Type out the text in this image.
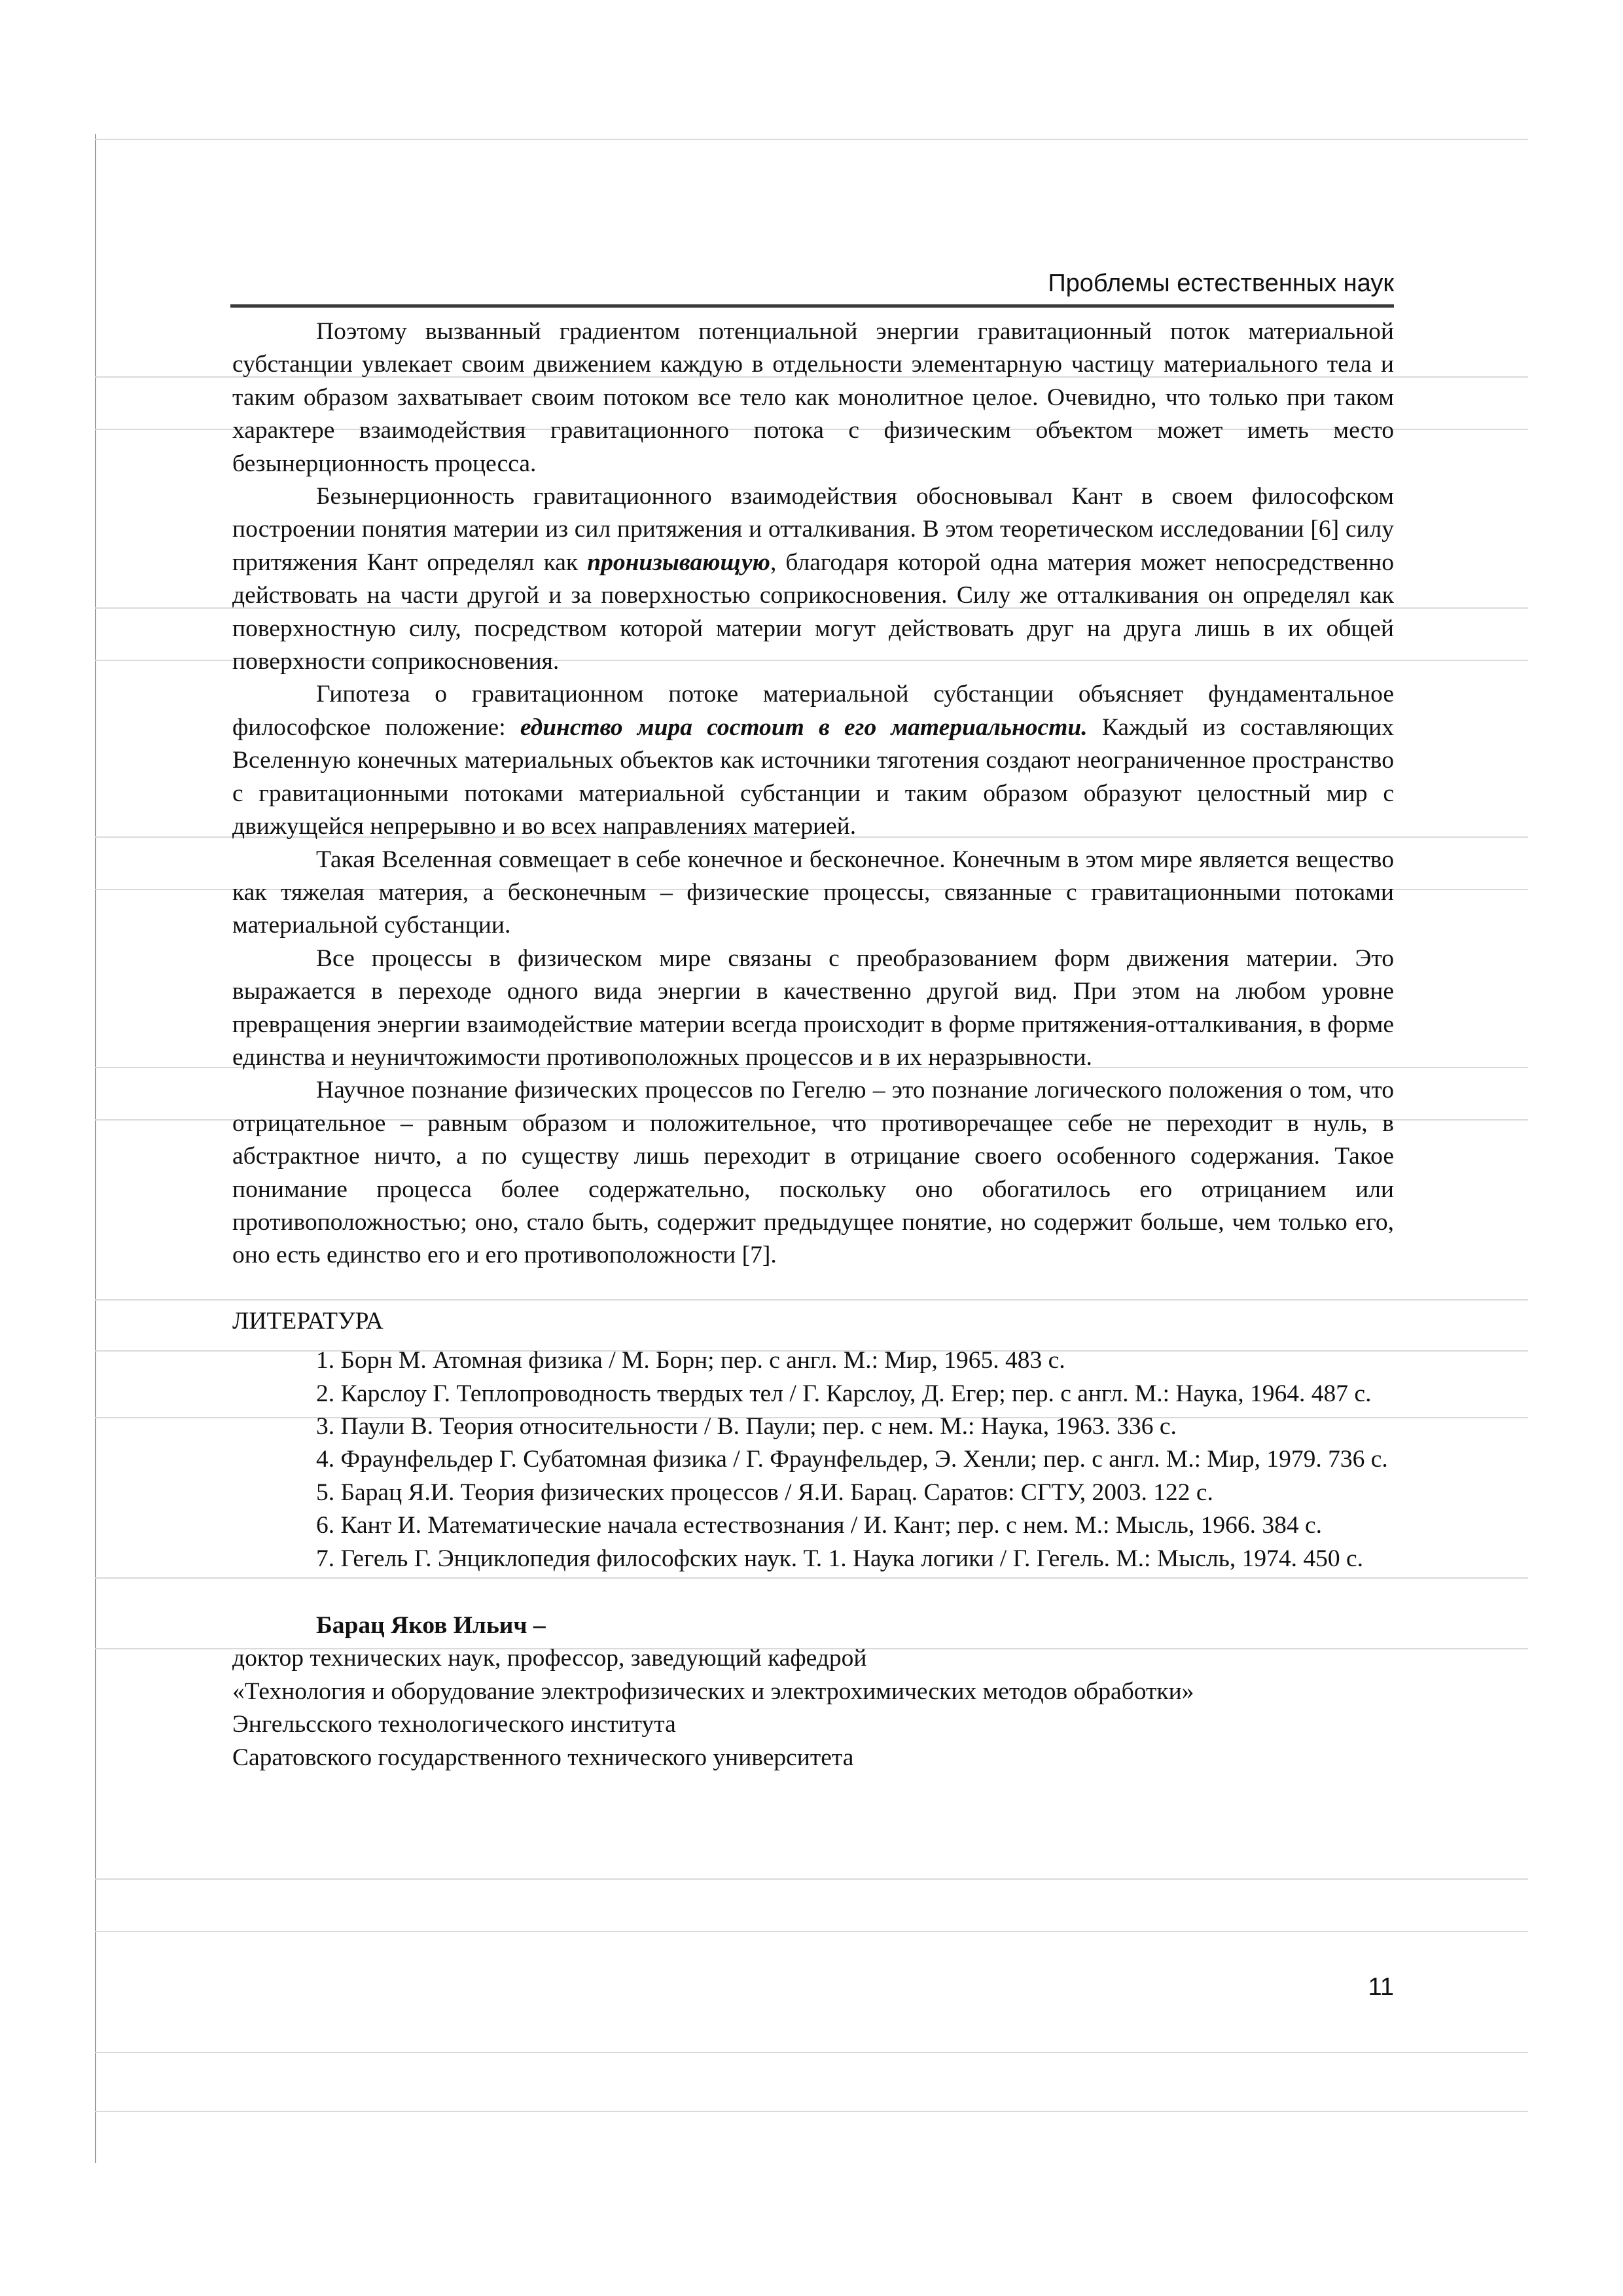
Проблемы естественных наук

Поэтому вызванный градиентом потенциальной энергии гравитационный поток материальной субстанции увлекает своим движением каждую в отдельности элементарную частицу материального тела и таким образом захватывает своим потоком все тело как монолитное целое. Очевидно, что только при таком характере взаимодействия гравитационного потока с физическим объектом может иметь место безынерционность процесса.

Безынерционность гравитационного взаимодействия обосновывал Кант в своем философском построении понятия материи из сил притяжения и отталкивания. В этом теоретическом исследовании [6] силу притяжения Кант определял как пронизывающую, благодаря которой одна материя может непосредственно действовать на части другой и за поверхностью соприкосновения. Силу же отталкивания он определял как поверхностную силу, посредством которой материи могут действовать друг на друга лишь в их общей поверхности соприкосновения.

Гипотеза о гравитационном потоке материальной субстанции объясняет фундаментальное философское положение: единство мира состоит в его материальности. Каждый из составляющих Вселенную конечных материальных объектов как источники тяготения создают неограниченное пространство с гравитационными потоками материальной субстанции и таким образом образуют целостный мир с движущейся непрерывно и во всех направлениях материей.

Такая Вселенная совмещает в себе конечное и бесконечное. Конечным в этом мире является вещество как тяжелая материя, а бесконечным – физические процессы, связанные с гравитационными потоками материальной субстанции.

Все процессы в физическом мире связаны с преобразованием форм движения материи. Это выражается в переходе одного вида энергии в качественно другой вид. При этом на любом уровне превращения энергии взаимодействие материи всегда происходит в форме притяжения-отталкивания, в форме единства и неуничтожимости противоположных процессов и в их неразрывности.

Научное познание физических процессов по Гегелю – это познание логического положения о том, что отрицательное – равным образом и положительное, что противоречащее себе не переходит в нуль, в абстрактное ничто, а по существу лишь переходит в отрицание своего особенного содержания. Такое понимание процесса более содержательно, поскольку оно обогатилось его отрицанием или противоположностью; оно, стало быть, содержит предыдущее понятие, но содержит больше, чем только его, оно есть единство его и его противоположности [7].

ЛИТЕРАТУРА

1. Борн М. Атомная физика / М. Борн; пер. с англ. М.: Мир, 1965. 483 с.

2. Карслоу Г. Теплопроводность твердых тел / Г. Карслоу, Д. Егер; пер. с англ. М.: Наука, 1964. 487 с.

3. Паули В. Теория относительности / В. Паули; пер. с нем. М.: Наука, 1963. 336 с.

4. Фраунфельдер Г. Субатомная физика / Г. Фраунфельдер, Э. Хенли; пер. с англ. М.: Мир, 1979. 736 с.

5. Барац Я.И. Теория физических процессов / Я.И. Барац. Саратов: СГТУ, 2003. 122 с.

6. Кант И. Математические начала естествознания / И. Кант; пер. с нем. М.: Мысль, 1966. 384 с.

7. Гегель Г. Энциклопедия философских наук. Т. 1. Наука логики / Г. Гегель. М.: Мысль, 1974. 450 с.

Барац Яков Ильич –

доктор технических наук, профессор, заведующий кафедрой

«Технология и оборудование электрофизических и электрохимических методов обработки»

Энгельсского технологического института

Саратовского государственного технического университета

11
